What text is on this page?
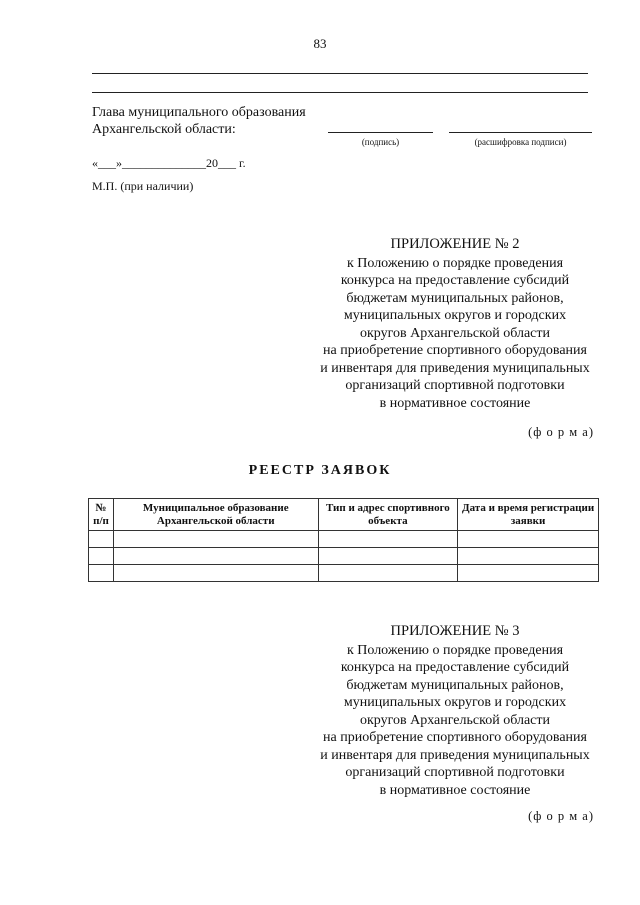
83
Глава муниципального образования
Архангельской области:
(подпись)	(расшифровка подписи)
«___»______________20___ г.
М.П. (при наличии)
ПРИЛОЖЕНИЕ № 2
к Положению о порядке проведения
конкурса на предоставление субсидий
бюджетам муниципальных районов,
муниципальных округов и городских
округов Архангельской области
на приобретение спортивного оборудования
и инвентаря для приведения муниципальных
организаций спортивной подготовки
в нормативное состояние
(ф о р м а)
РЕЕСТР ЗАЯВОК
№ п/п	Муниципальное образование Архангельской области	Тип и адрес спортивного объекта	Дата и время регистрации заявки

ПРИЛОЖЕНИЕ № 3
к Положению о порядке проведения
конкурса на предоставление субсидий
бюджетам муниципальных районов,
муниципальных округов и городских
округов Архангельской области
на приобретение спортивного оборудования
и инвентаря для приведения муниципальных
организаций спортивной подготовки
в нормативное состояние
(ф о р м а)
